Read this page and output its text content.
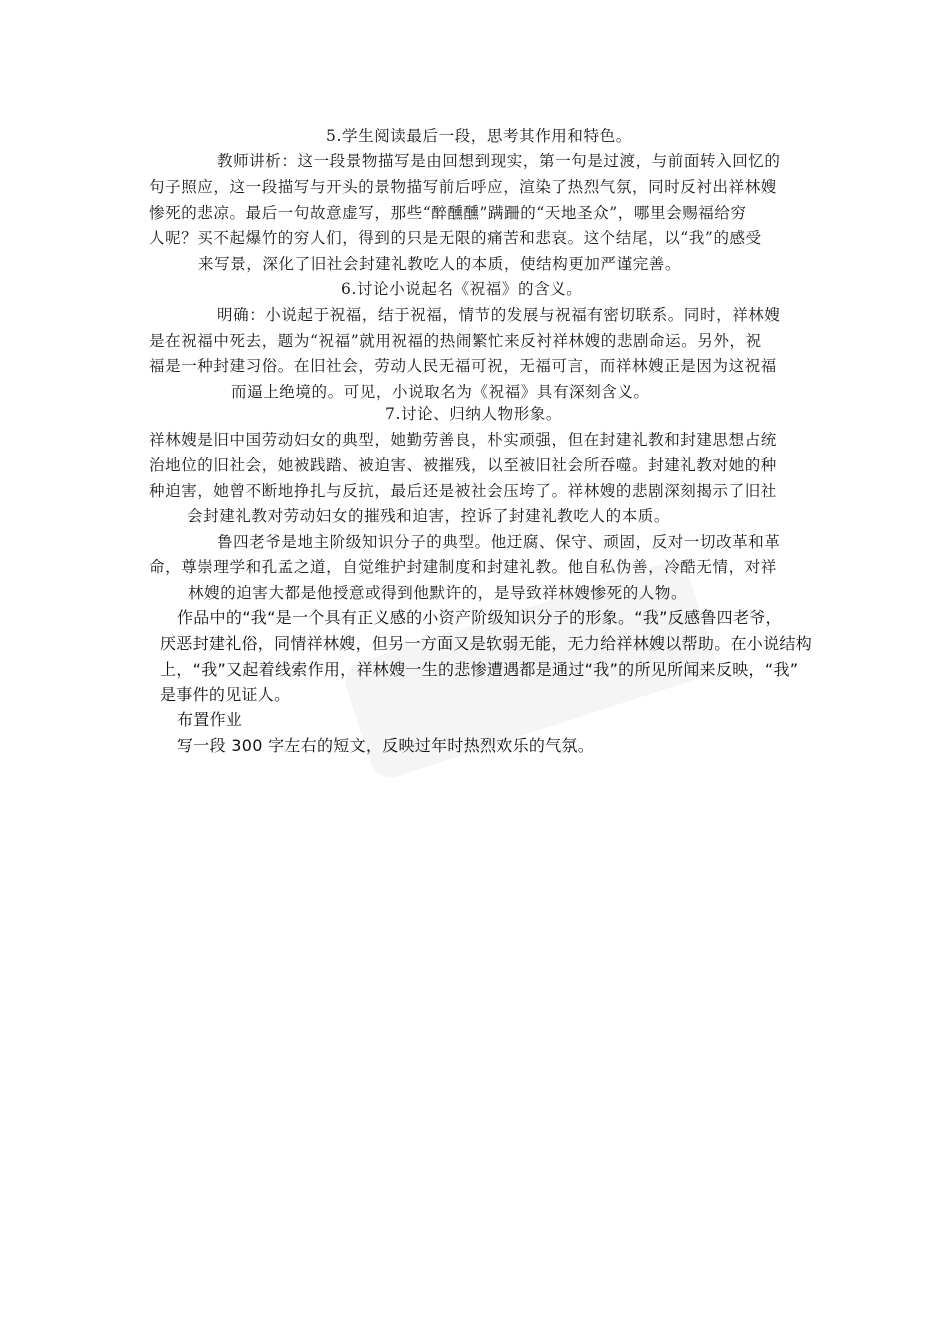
5.学生阅读最后一段，思考其作用和特色。
教师讲析：这一段景物描写是由回想到现实，第一句是过渡，与前面转入回忆的
句子照应，这一段描写与开头的景物描写前后呼应，渲染了热烈气氛，同时反衬出祥林嫂
惨死的悲凉。最后一句故意虚写，那些“醉醺醺”蹒跚的“天地圣众”，哪里会赐福给穷
人呢？买不起爆竹的穷人们，得到的只是无限的痛苦和悲哀。这个结尾，以“我”的感受
来写景，深化了旧社会封建礼教吃人的本质，使结构更加严谨完善。
6.讨论小说起名《祝福》的含义。
明确：小说起于祝福，结于祝福，情节的发展与祝福有密切联系。同时，祥林嫂
是在祝福中死去，题为“祝福”就用祝福的热闹繁忙来反衬祥林嫂的悲剧命运。另外，祝
福是一种封建习俗。在旧社会，劳动人民无福可祝，无福可言，而祥林嫂正是因为这祝福
而逼上绝境的。可见，小说取名为《祝福》具有深刻含义。
7.讨论、归纳人物形象。
祥林嫂是旧中国劳动妇女的典型，她勤劳善良，朴实顽强，但在封建礼教和封建思想占统
治地位的旧社会，她被践踏、被迫害、被摧残，以至被旧社会所吞噬。封建礼教对她的种
种迫害，她曾不断地挣扎与反抗，最后还是被社会压垮了。祥林嫂的悲剧深刻揭示了旧社
会封建礼教对劳动妇女的摧残和迫害，控诉了封建礼教吃人的本质。
鲁四老爷是地主阶级知识分子的典型。他迂腐、保守、顽固，反对一切改革和革
命，尊崇理学和孔孟之道，自觉维护封建制度和封建礼教。他自私伪善，冷酷无情，对祥
林嫂的迫害大都是他授意或得到他默许的，是导致祥林嫂惨死的人物。
作品中的“我“是一个具有正义感的小资产阶级知识分子的形象。“我”反感鲁四老爷，
厌恶封建礼俗，同情祥林嫂，但另一方面又是软弱无能，无力给祥林嫂以帮助。在小说结构
上，“我”又起着线索作用，祥林嫂一生的悲惨遭遇都是通过“我”的所见所闻来反映，“我”
是事件的见证人。
布置作业
写一段 300 字左右的短文，反映过年时热烈欢乐的气氛。
